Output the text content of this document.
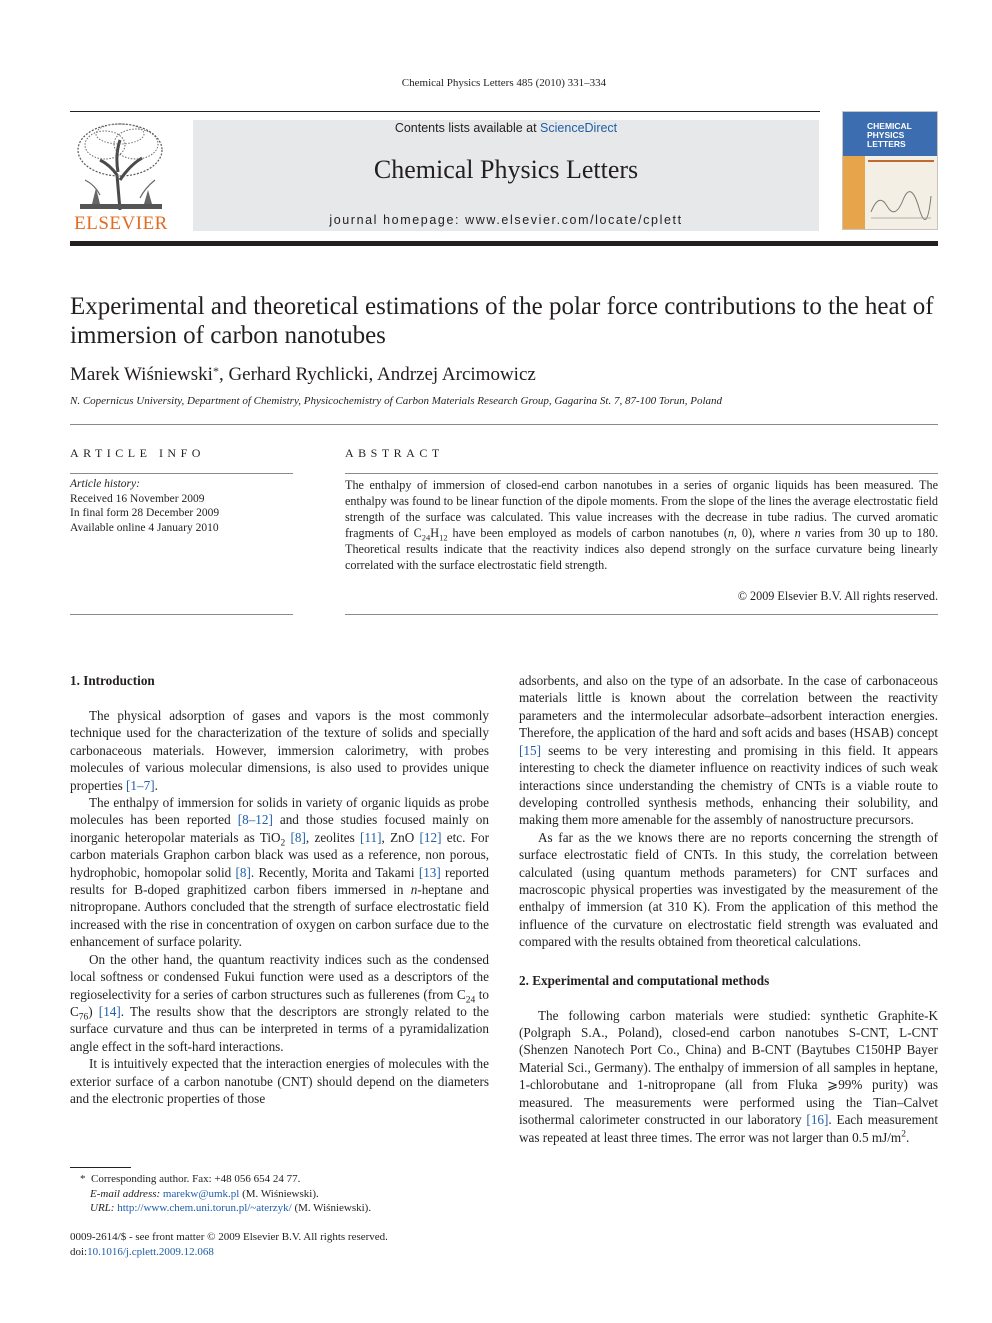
Chemical Physics Letters 485 (2010) 331–334
ELSEVIER
Contents lists available at ScienceDirect
Chemical Physics Letters
journal homepage: www.elsevier.com/locate/cplett
CHEMICAL
PHYSICS
LETTERS
Experimental and theoretical estimations of the polar force contributions to the heat of immersion of carbon nanotubes
Marek Wiśniewski*, Gerhard Rychlicki, Andrzej Arcimowicz
N. Copernicus University, Department of Chemistry, Physicochemistry of Carbon Materials Research Group, Gagarina St. 7, 87-100 Torun, Poland
ARTICLE INFO
Article history:
Received 16 November 2009
In final form 28 December 2009
Available online 4 January 2010
ABSTRACT
The enthalpy of immersion of closed-end carbon nanotubes in a series of organic liquids has been measured. The enthalpy was found to be linear function of the dipole moments. From the slope of the lines the average electrostatic field strength of the surface was calculated. This value increases with the decrease in tube radius. The curved aromatic fragments of $C_{24}H_{12}$ have been employed as models of carbon nanotubes (n, 0), where n varies from 30 up to 180. Theoretical results indicate that the reactivity indices also depend strongly on the surface curvature being linearly correlated with the surface electrostatic field strength.
© 2009 Elsevier B.V. All rights reserved.
1. Introduction

The physical adsorption of gases and vapors is the most commonly technique used for the characterization of the texture of solids and specially carbonaceous materials. However, immersion calorimetry, with probes molecules of various molecular dimensions, is also used to provides unique properties [1–7].

The enthalpy of immersion for solids in variety of organic liquids as probe molecules has been reported [8–12] and those studies focused mainly on inorganic heteropolar materials as TiO$_2$ [8], zeolites [11], ZnO [12] etc. For carbon materials Graphon carbon black was used as a reference, non porous, hydrophobic, homopolar solid [8]. Recently, Morita and Takami [13] reported results for B-doped graphitized carbon fibers immersed in n-heptane and nitropropane. Authors concluded that the strength of surface electrostatic field increased with the rise in concentration of oxygen on carbon surface due to the enhancement of surface polarity.

On the other hand, the quantum reactivity indices such as the condensed local softness or condensed Fukui function were used as a descriptors of the regioselectivity for a series of carbon structures such as fullerenes (from $C_{24}$ to $C_{76}$) [14]. The results show that the descriptors are strongly related to the surface curvature and thus can be interpreted in terms of a pyramidalization angle effect in the soft-hard interactions.

It is intuitively expected that the interaction energies of molecules with the exterior surface of a carbon nanotube (CNT) should depend on the diameters and the electronic properties of those

adsorbents, and also on the type of an adsorbate. In the case of carbonaceous materials little is known about the correlation between the reactivity parameters and the intermolecular adsorbate–adsorbent interaction energies. Therefore, the application of the hard and soft acids and bases (HSAB) concept [15] seems to be very interesting and promising in this field. It appears interesting to check the diameter influence on reactivity indices of such weak interactions since understanding the chemistry of CNTs is a viable route to developing controlled synthesis methods, enhancing their solubility, and making them more amenable for the assembly of nanostructure precursors.

As far as the we knows there are no reports concerning the strength of surface electrostatic field of CNTs. In this study, the correlation between calculated (using quantum methods parameters) for CNT surfaces and macroscopic physical properties was investigated by the measurement of the enthalpy of immersion (at 310 K). From the application of this method the influence of the curvature on electrostatic field strength was evaluated and compared with the results obtained from theoretical calculations.

2. Experimental and computational methods

The following carbon materials were studied: synthetic Graphite-K (Polgraph S.A., Poland), closed-end carbon nanotubes S-CNT, L-CNT (Shenzen Nanotech Port Co., China) and B-CNT (Baytubes C150HP Bayer Material Sci., Germany). The enthalpy of immersion of all samples in heptane, 1-chlorobutane and 1-nitropropane (all from Fluka ⩾99% purity) was measured. The measurements were performed using the Tian–Calvet isothermal calorimeter constructed in our laboratory [16]. Each measurement was repeated at least three times. The error was not larger than 0.5 $mJ/m^2$.

* Corresponding author. Fax: +48 056 654 24 77.
E-mail address: marekw@umk.pl (M. Wiśniewski).
URL: http://www.chem.uni.torun.pl/~aterzyk/ (M. Wiśniewski).
0009-2614/$ - see front matter © 2009 Elsevier B.V. All rights reserved.
doi:10.1016/j.cplett.2009.12.068
